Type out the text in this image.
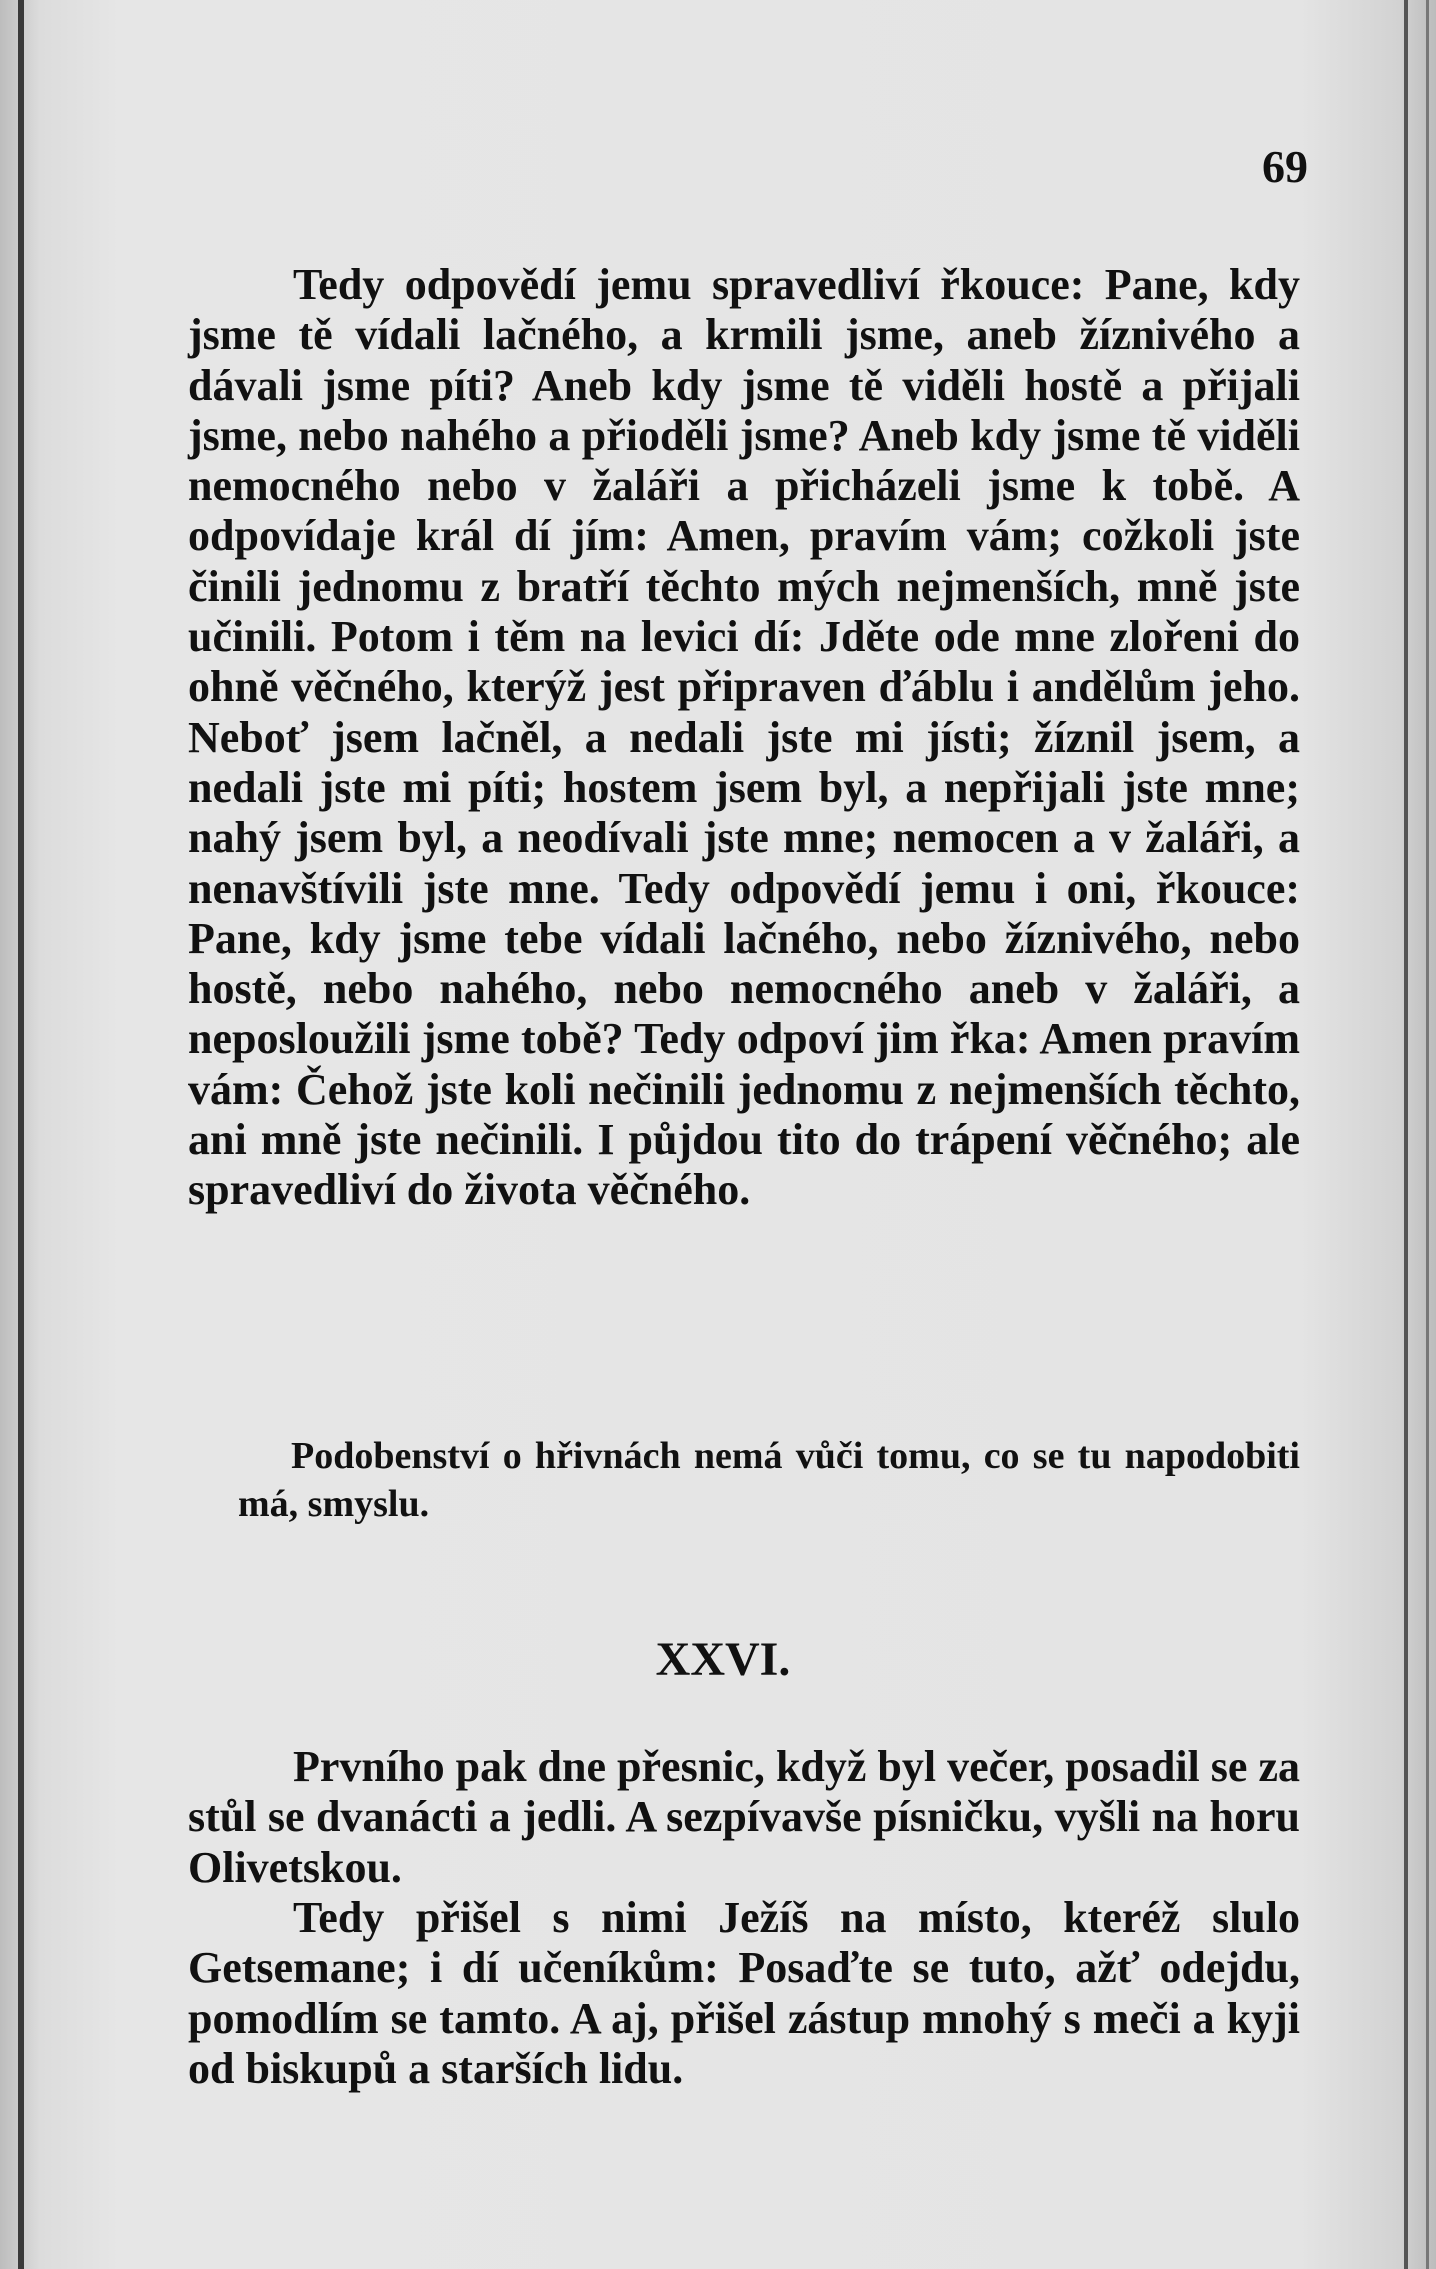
69

Tedy odpovědí jemu spravedliví řkouce: Pane, kdy jsme tě vídali lačného, a krmili jsme, aneb žíznivého a dávali jsme píti? Aneb kdy jsme tě viděli hostě a přijali jsme, nebo nahého a přioděli jsme? Aneb kdy jsme tě viděli nemocného nebo v žaláři a přicházeli jsme k tobě. A odpovídaje král dí jím: Amen, pravím vám; cožkoli jste činili jednomu z bratří těchto mých nejmenších, mně jste učinili. Potom i těm na levici dí: Jděte ode mne zlořeni do ohně věčného, kterýž jest připraven ďáblu i andělům jeho. Neboť jsem lačněl, a nedali jste mi jísti; žíznil jsem, a nedali jste mi píti; hostem jsem byl, a nepřijali jste mne; nahý jsem byl, a neodívali jste mne; nemocen a v žaláři, a nenavštívili jste mne. Tedy odpovědí jemu i oni, řkouce: Pane, kdy jsme tebe vídali lačného, nebo žíznivého, nebo hostě, nebo nahého, nebo nemocného aneb v žaláři, a neposloužili jsme tobě? Tedy odpoví jim řka: Amen pravím vám: Čehož jste koli nečinili jednomu z nejmenších těchto, ani mně jste nečinili. I půjdou tito do trápení věčného; ale spravedliví do života věčného.

Podobenství o hřivnách nemá vůči tomu, co se tu napodobiti má, smyslu.
XXVI.

Prvního pak dne přesnic, když byl večer, posadil se za stůl se dvanácti a jedli. A sezpívavše písničku, vyšli na horu Olivetskou.

Tedy přišel s nimi Ježíš na místo, kteréž slulo Getsemane; i dí učeníkům: Posaďte se tuto, ažť odejdu, pomodlím se tamto. A aj, přišel zástup mnohý s meči a kyji od biskupů a starších lidu.
